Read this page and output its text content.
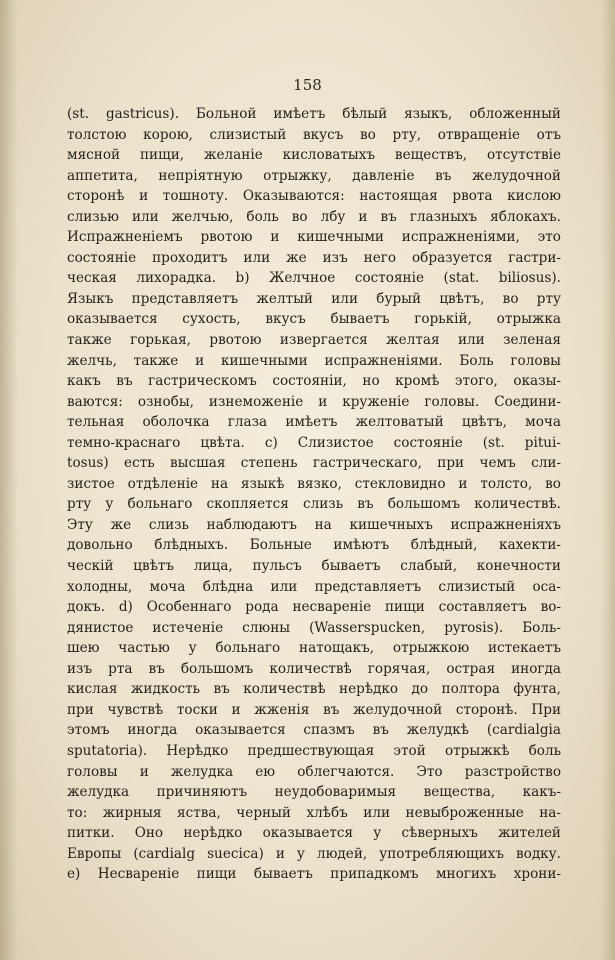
158
(st. gastricus). Больной имѣетъ бѣлый языкъ, обложенный
толстою корою, слизистый вкусъ во рту, отвращеніе отъ
мясной пищи, желаніе кисловатыхъ веществъ, отсутствіе
аппетита, непріятную отрыжку, давленіе въ желудочной
сторонѣ и тошноту. Оказываются: настоящая рвота кислою
слизью или желчью, боль во лбу и въ глазныхъ яблокахъ.
Испражненіемъ рвотою и кишечными испражненіями, это
состояніе проходитъ или же изъ него образуется гастри-
ческая лихорадка. b) Желчное состояніе (stat. biliosus).
Языкъ представляетъ желтый или бурый цвѣтъ, во рту
оказывается сухость, вкусъ бываетъ горькій, отрыжка
также горькая, рвотою извергается желтая или зеленая
желчь, также и кишечными испражненіями. Боль головы
какъ въ гастрическомъ состояніи, но кромѣ этого, оказы-
ваются: ознобы, изнеможеніе и круженіе головы. Соедини-
тельная оболочка глаза имѣетъ желтоватый цвѣтъ, моча
темно-краснаго цвѣта. c) Слизистое состояніе (st. pitui-
tosus) есть высшая степень гастрическаго, при чемъ сли-
зистое отдѣленіе на языкѣ вязко, стекловидно и толсто, во
рту у больнаго скопляется слизь въ большомъ количествѣ.
Эту же слизь наблюдаютъ на кишечныхъ испражненіяхъ
довольно блѣдныхъ. Больные имѣютъ блѣдный, кахекти-
ческій цвѣтъ лица, пульсъ бываетъ слабый, конечности
холодны, моча блѣдна или представляетъ слизистый оса-
докъ. d) Особеннаго рода несвареніе пищи составляетъ во-
дянистое истеченіе слюны (Wasserspucken, pyrosis). Боль-
шею частью у больнаго натощакъ, отрыжкою истекаетъ
изъ рта въ большомъ количествѣ горячая, острая иногда
кислая жидкость въ количествѣ нерѣдко до полтора фунта,
при чувствѣ тоски и жженія въ желудочной сторонѣ. При
этомъ иногда оказывается спазмъ въ желудкѣ (cardialgia
sputatoria). Нерѣдко предшествующая этой отрыжкѣ боль
головы и желудка ею облегчаются. Это разстройство
желудка причиняютъ неудобоваримыя вещества, какъ-
то: жирныя яствa, черный хлѣбъ или невыброженные на-
питки. Оно нерѣдко оказывается у сѣверныхъ жителей
Европы (cardialg suecica) и у людей, употребляющихъ водку.
e) Несвареніе пищи бываетъ припадкомъ многихъ хрони-
